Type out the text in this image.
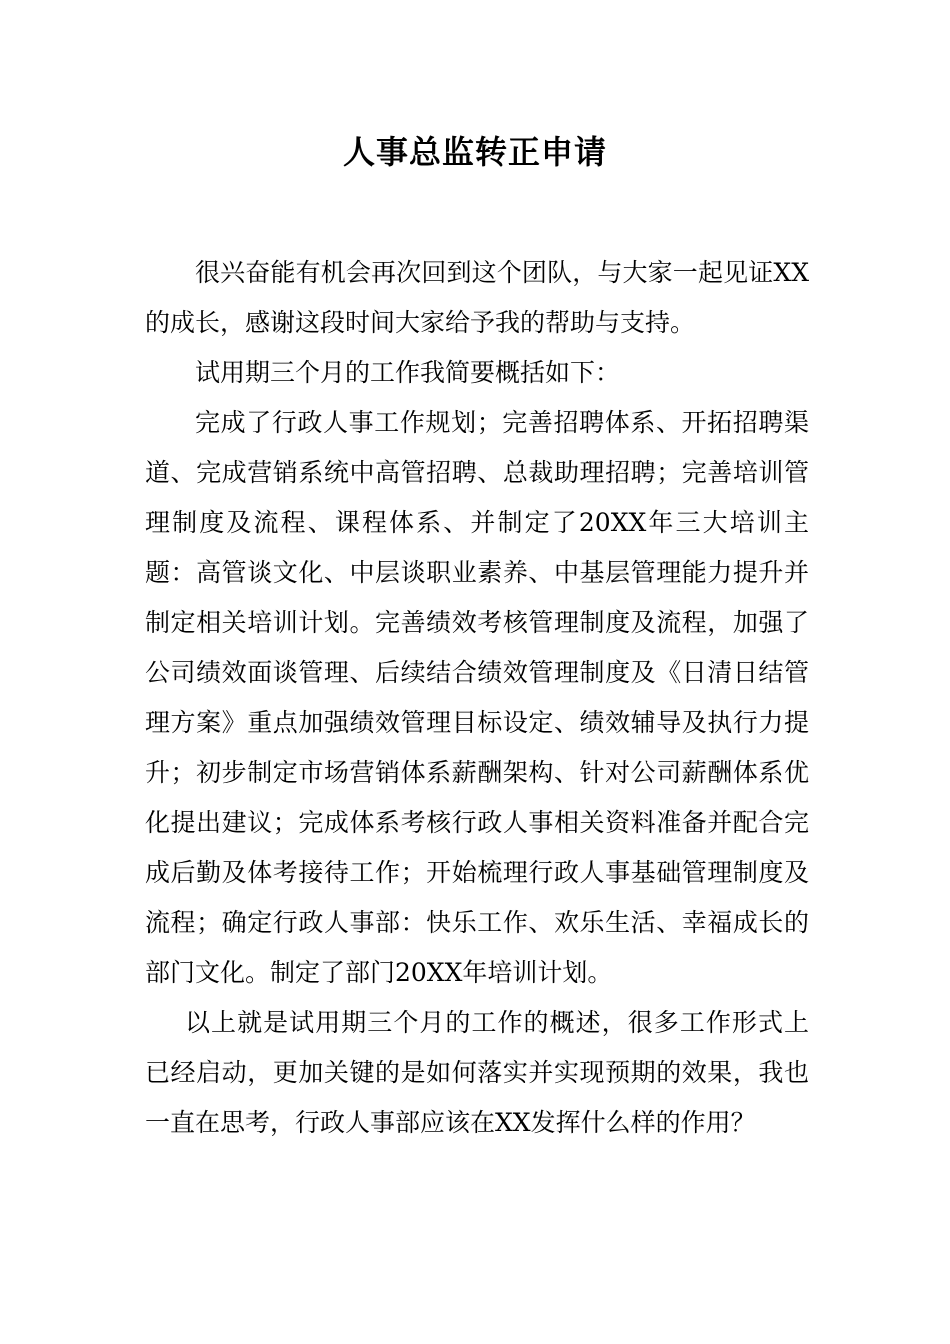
人事总监转正申请

很兴奋能有机会再次回到这个团队，与大家一起见证XX的成长，感谢这段时间大家给予我的帮助与支持。

试用期三个月的工作我简要概括如下：

完成了行政人事工作规划；完善招聘体系、开拓招聘渠道、完成营销系统中高管招聘、总裁助理招聘；完善培训管理制度及流程、课程体系、并制定了20XX年三大培训主题：高管谈文化、中层谈职业素养、中基层管理能力提升并制定相关培训计划。完善绩效考核管理制度及流程，加强了公司绩效面谈管理、后续结合绩效管理制度及《日清日结管理方案》重点加强绩效管理目标设定、绩效辅导及执行力提升；初步制定市场营销体系薪酬架构、针对公司薪酬体系优化提出建议；完成体系考核行政人事相关资料准备并配合完成后勤及体考接待工作；开始梳理行政人事基础管理制度及流程；确定行政人事部：快乐工作、欢乐生活、幸福成长的部门文化。制定了部门20XX年培训计划。

以上就是试用期三个月的工作的概述，很多工作形式上已经启动，更加关键的是如何落实并实现预期的效果，我也一直在思考，行政人事部应该在XX发挥什么样的作用？
